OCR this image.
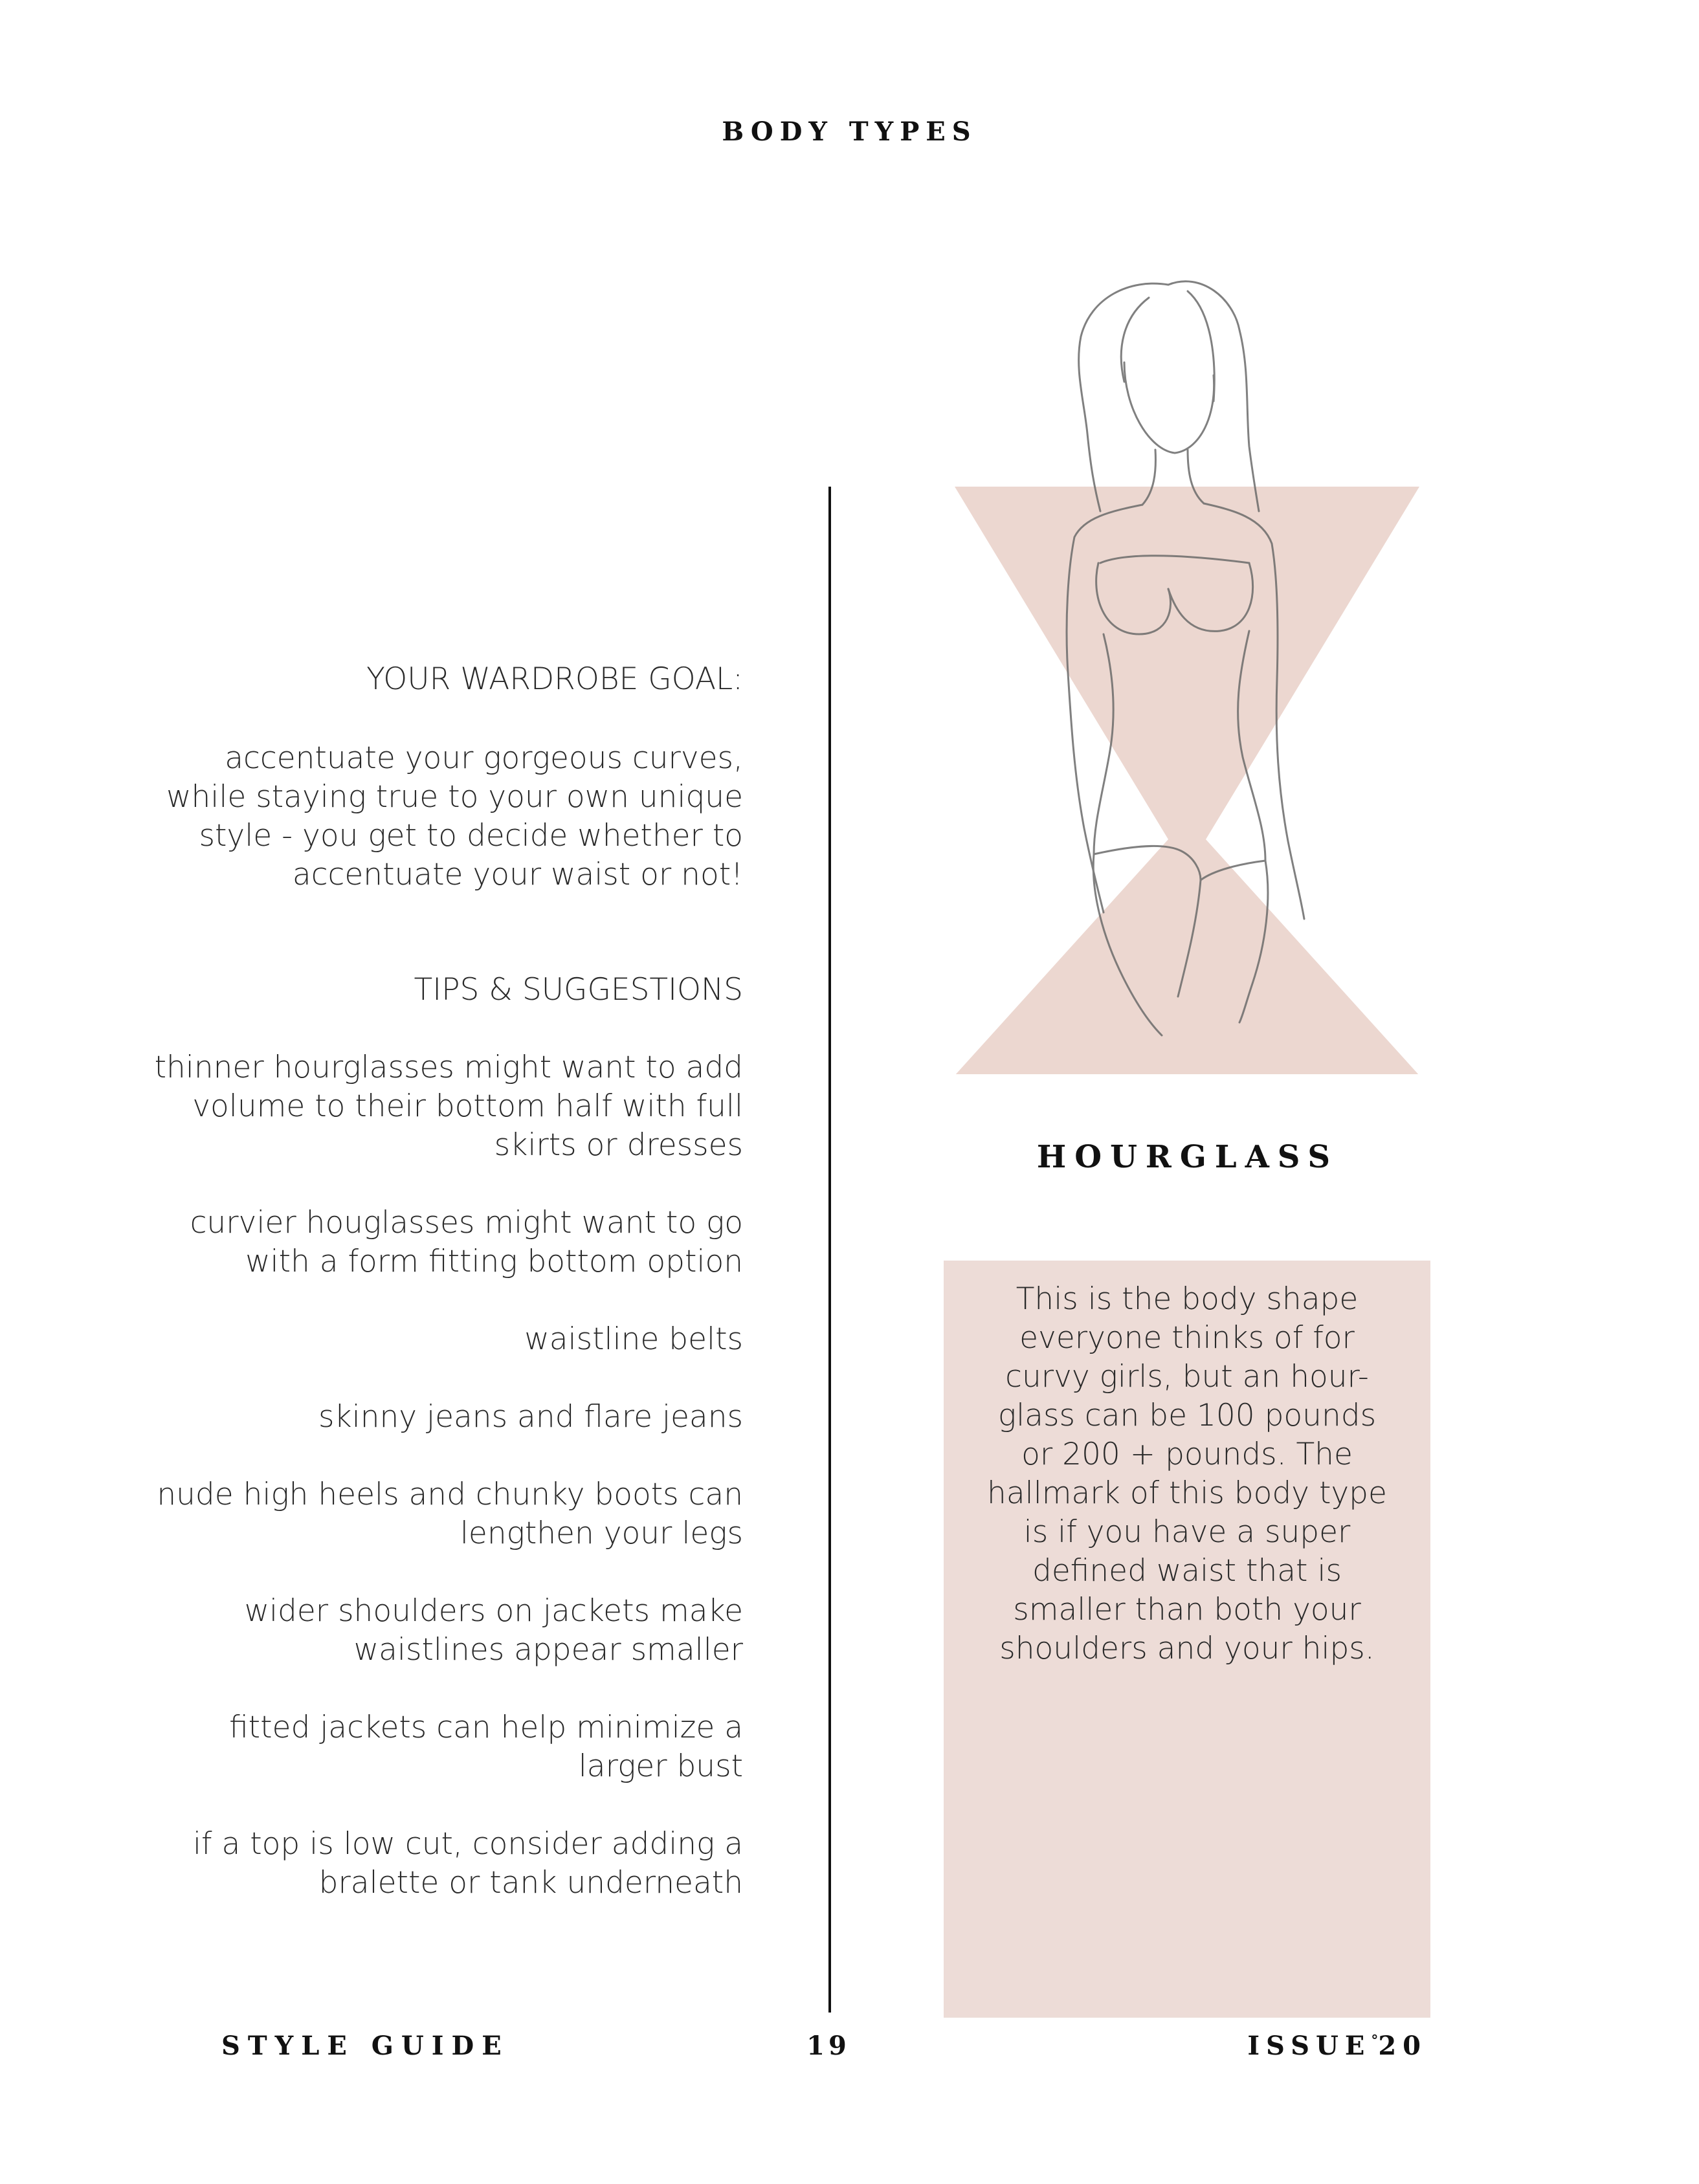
BODY TYPES
YOUR WARDROBE GOAL:

accentuate your gorgeous curves,

while staying true to your own unique

style - you get to decide whether to

accentuate your waist or not!

TIPS & SUGGESTIONS

thinner hourglasses might want to add
volume to their bottom half with full
skirts or dresses

curvier houglasses might want to go
with a form fitting bottom option

waistline belts

skinny jeans and flare jeans

nude high heels and chunky boots can
lengthen your legs

wider shoulders on jackets make
waistlines appear smaller

fitted jackets can help minimize a
larger bust

if a top is low cut, consider adding a
bralette or tank underneath

HOURGLASS
This is the body shape
everyone thinks of for
curvy girls, but an hour-
glass can be 100 pounds
or 200 + pounds. The
hallmark of this body type
is if you have a super
defined waist that is
smaller than both your
shoulders and your hips.
STYLE GUIDE	19	ISSUE°20
